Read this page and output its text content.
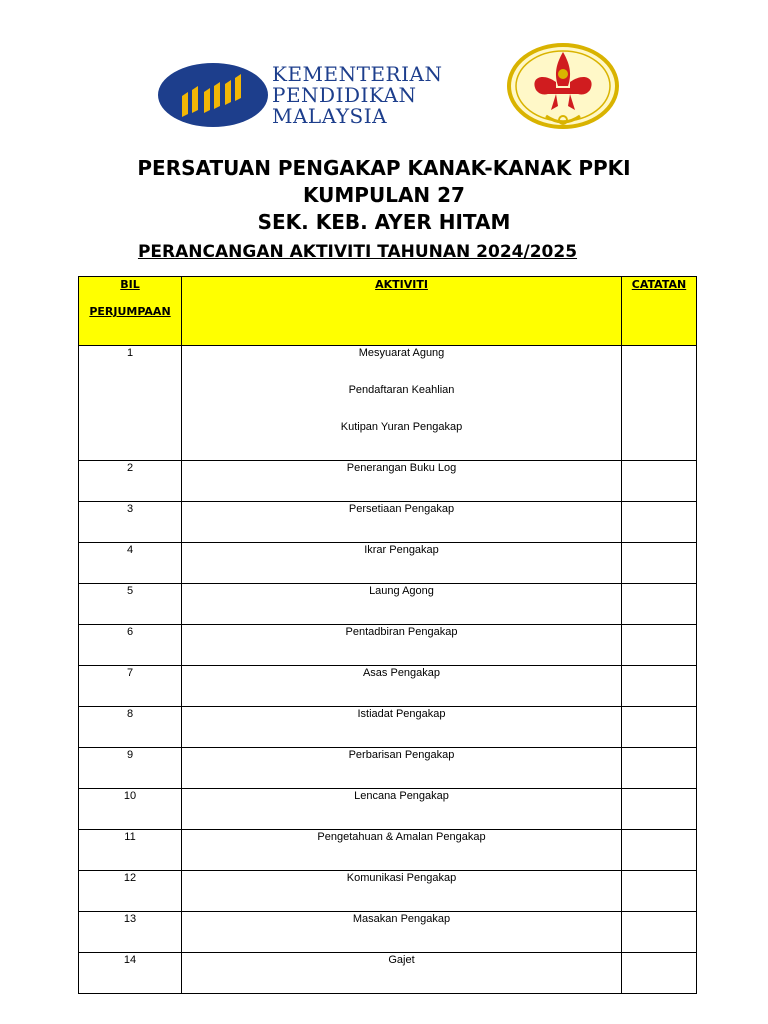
KEMENTERIAN
PENDIDIKAN
MALAYSIA
PERSATUAN PENGAKAP KANAK-KANAK PPKI
KUMPULAN 27
SEK. KEB. AYER HITAM
PERANCANGAN AKTIVITI TAHUNAN 2024/2025
BIL
PERJUMPAAN	AKTIVITI	CATATAN

1	Mesyuarat Agung
Pendaftaran Keahlian
Kutipan Yuran Pengakap	

2	Penerangan Buku Log	

3	Persetiaan Pengakap	

4	Ikrar Pengakap	

5	Laung Agong	

6	Pentadbiran Pengakap	

7	Asas Pengakap	

8	Istiadat Pengakap	

9	Perbarisan Pengakap	

10	Lencana Pengakap	

11	Pengetahuan & Amalan Pengakap	

12	Komunikasi Pengakap	

13	Masakan Pengakap	

14	Gajet	
